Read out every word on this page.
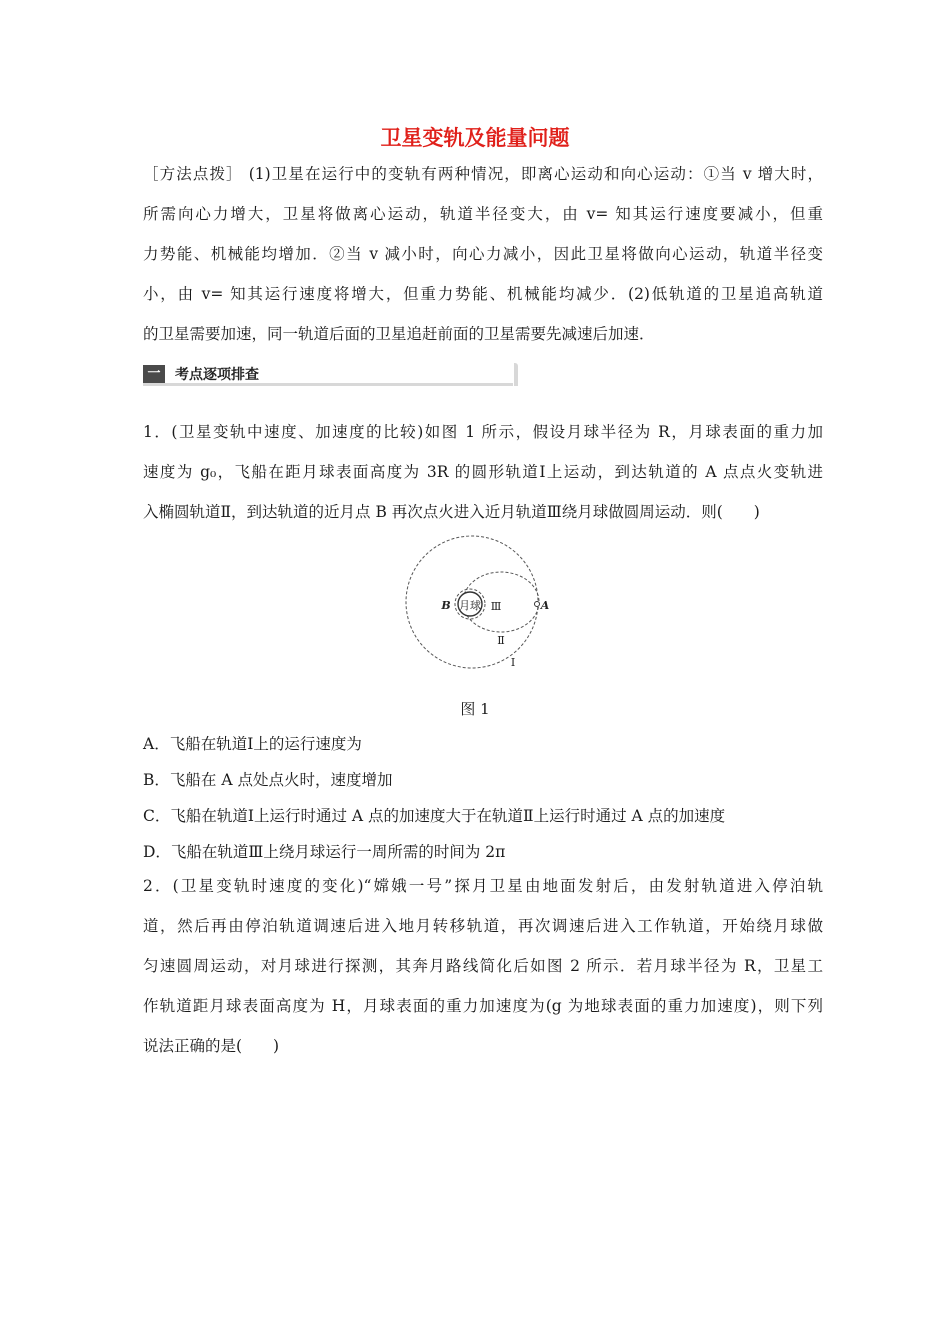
卫星变轨及能量问题
［方法点拨］ (1)卫星在运行中的变轨有两种情况，即离心运动和向心运动：①当 v 增大时，
所需向心力增大，卫星将做离心运动，轨道半径变大，由 v= 知其运行速度要减小，但重
力势能、机械能均增加．②当 v 减小时，向心力减小，因此卫星将做向心运动，轨道半径变
小，由 v= 知其运行速度将增大，但重力势能、机械能均减少．(2)低轨道的卫星追高轨道
的卫星需要加速，同一轨道后面的卫星追赶前面的卫星需要先减速后加速．
一	考点逐项排查
1．(卫星变轨中速度、加速度的比较)如图 1 所示，假设月球半径为 R，月球表面的重力加
速度为 g₀，飞船在距月球表面高度为 3R 的圆形轨道Ⅰ上运动，到达轨道的 A 点点火变轨进
入椭圆轨道Ⅱ，到达轨道的近月点 B 再次点火进入近月轨道Ⅲ绕月球做圆周运动．则(　　)
月球
B	A
Ⅲ
Ⅱ
Ⅰ
图 1
A．飞船在轨道Ⅰ上的运行速度为
B．飞船在 A 点处点火时，速度增加
C．飞船在轨道Ⅰ上运行时通过 A 点的加速度大于在轨道Ⅱ上运行时通过 A 点的加速度
D．飞船在轨道Ⅲ上绕月球运行一周所需的时间为 2π
2．(卫星变轨时速度的变化)“嫦娥一号”探月卫星由地面发射后，由发射轨道进入停泊轨
道，然后再由停泊轨道调速后进入地月转移轨道，再次调速后进入工作轨道，开始绕月球做
匀速圆周运动，对月球进行探测，其奔月路线简化后如图 2 所示．若月球半径为 R，卫星工
作轨道距月球表面高度为 H，月球表面的重力加速度为(g 为地球表面的重力加速度)，则下列
说法正确的是(　　)
